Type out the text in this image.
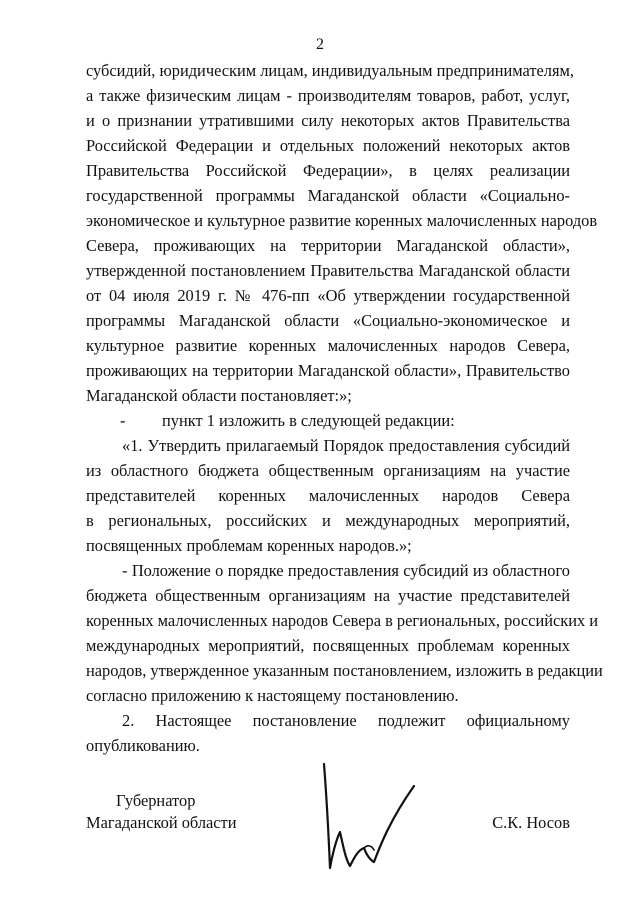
2
субсидий, юридическим лицам, индивидуальным предпринимателям,
а также физическим лицам - производителям товаров, работ, услуг,
и о признании утратившими силу некоторых актов Правительства
Российской Федерации и отдельных положений некоторых актов
Правительства Российской Федерации», в целях реализации
государственной программы Магаданской области «Социально-
экономическое и культурное развитие коренных малочисленных народов
Севера, проживающих на территории Магаданской области»,
утвержденной постановлением Правительства Магаданской области
от 04 июля 2019 г. № 476-пп «Об утверждении государственной
программы Магаданской области «Социально-экономическое и
культурное развитие коренных малочисленных народов Севера,
проживающих на территории Магаданской области», Правительство
Магаданской области постановляет:»;
- пункт 1 изложить в следующей редакции:
«1. Утвердить прилагаемый Порядок предоставления субсидий
из областного бюджета общественным организациям на участие
представителей коренных малочисленных народов Севера
в региональных, российских и международных мероприятий,
посвященных проблемам коренных народов.»;
- Положение о порядке предоставления субсидий из областного
бюджета общественным организациям на участие представителей
коренных малочисленных народов Севера в региональных, российских и
международных мероприятий, посвященных проблемам коренных
народов, утвержденное указанным постановлением, изложить в редакции
согласно приложению к настоящему постановлению.
2. Настоящее постановление подлежит официальному
опубликованию.
Губернатор
Магаданской области	С.К. Носов
